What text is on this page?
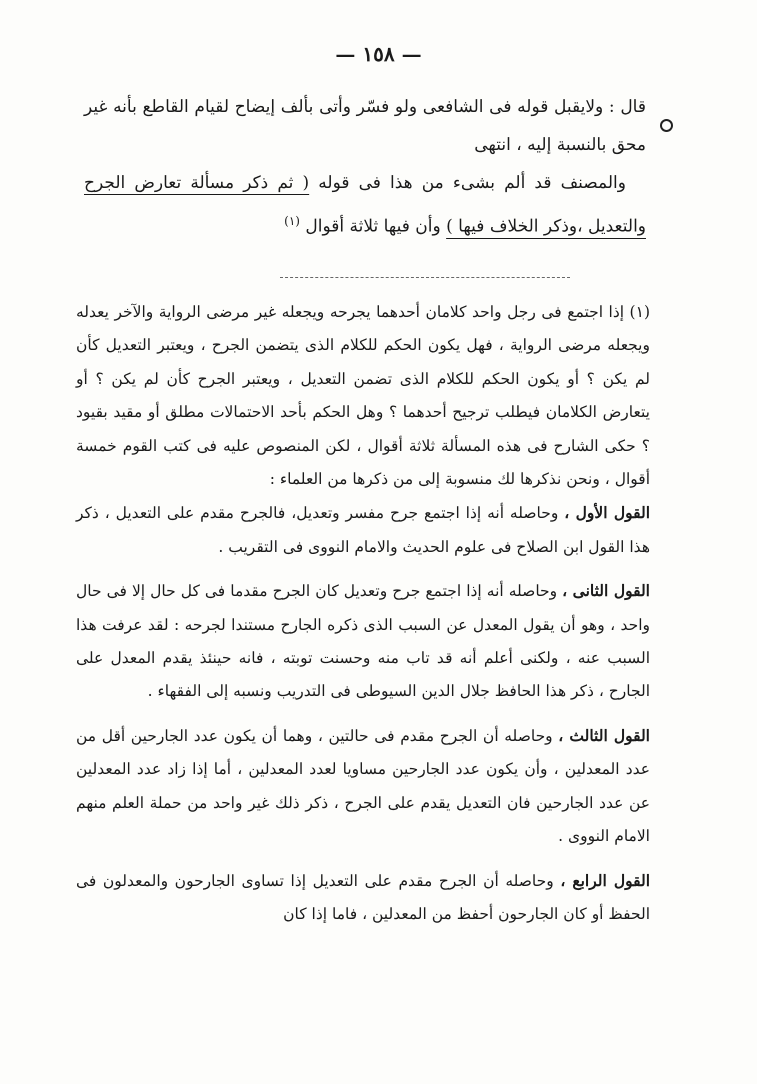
— ١٥٨ —

قال : ولايقبل قوله فى الشافعى ولو فسّر وأتى بألف إيضاح لقيام القاطع بأنه غير محق بالنسبة إليه ، انتهى

والمصنف قد ألم بشىء من هذا فى قوله ( ثم ذكر مسألة تعارض الجرح والتعديل ،وذكر الخلاف فيها ) وأن فيها ثلاثة أقوال $^{(١)}$

(١) إذا اجتمع فى رجل واحد كلامان أحدهما يجرحه ويجعله غير مرضى الرواية والآخر يعدله ويجعله مرضى الرواية ، فهل يكون الحكم للكلام الذى يتضمن الجرح ، ويعتبر التعديل كأن لم يكن ؟ أو يكون الحكم للكلام الذى تضمن التعديل ، ويعتبر الجرح كأن لم يكن ؟ أو يتعارض الكلامان فيطلب ترجيح أحدهما ؟ وهل الحكم بأحد الاحتمالات مطلق أو مقيد بقيود ؟ حكى الشارح فى هذه المسألة ثلاثة أقوال ، لكن المنصوص عليه فى كتب القوم خمسة أقوال ، ونحن نذكرها لك منسوبة إلى من ذكرها من العلماء :

القول الأول ، وحاصله أنه إذا اجتمع جرح مفسر وتعديل، فالجرح مقدم على التعديل ، ذكر هذا القول ابن الصلاح فى علوم الحديث والامام النووى فى التقريب .

القول الثانى ، وحاصله أنه إذا اجتمع جرح وتعديل كان الجرح مقدما فى كل حال إلا فى حال واحد ، وهو أن يقول المعدل عن السبب الذى ذكره الجارح مستندا لجرحه : لقد عرفت هذا السبب عنه ، ولكنى أعلم أنه قد تاب منه وحسنت توبته ، فانه حينئذ يقدم المعدل على الجارح ، ذكر هذا الحافظ جلال الدين السيوطى فى التدريب ونسبه إلى الفقهاء .

القول الثالث ، وحاصله أن الجرح مقدم فى حالتين ، وهما أن يكون عدد الجارحين أقل من عدد المعدلين ، وأن يكون عدد الجارحين مساويا لعدد المعدلين ، أما إذا زاد عدد المعدلين عن عدد الجارحين فان التعديل يقدم على الجرح ، ذكر ذلك غير واحد من حملة العلم منهم الامام النووى .

القول الرابع ، وحاصله أن الجرح مقدم على التعديل إذا تساوى الجارحون والمعدلون فى الحفظ أو كان الجارحون أحفظ من المعدلين ، فاما إذا كان
